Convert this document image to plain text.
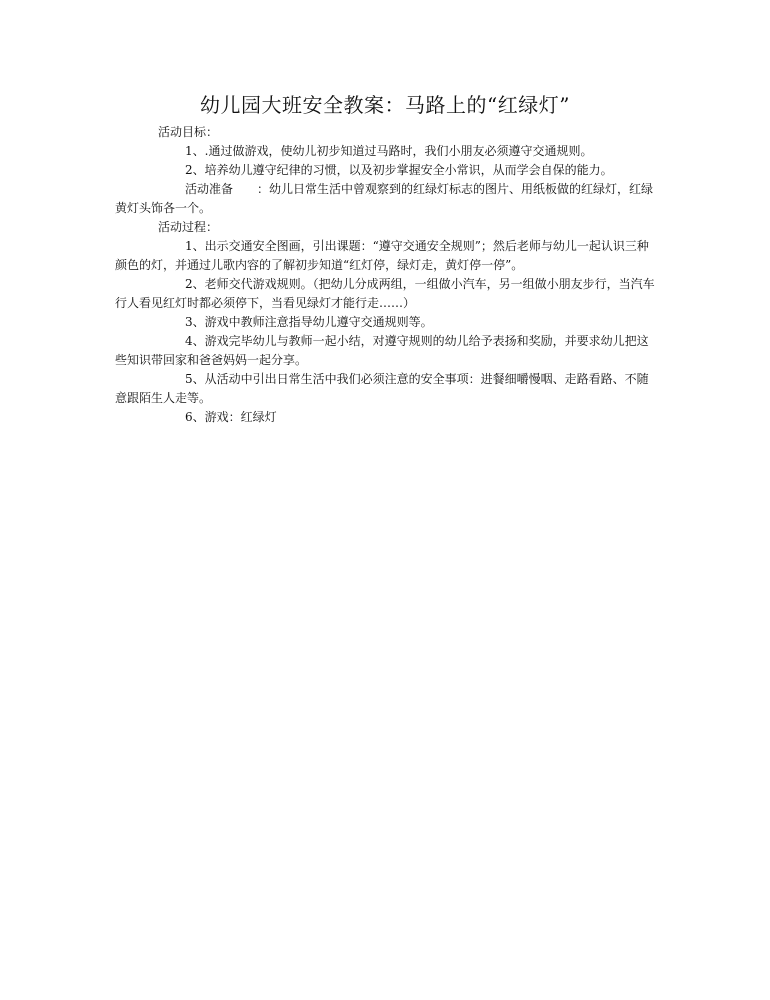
幼儿园大班安全教案：马路上的“红绿灯”

活动目标：

1、.通过做游戏，使幼儿初步知道过马路时，我们小朋友必须遵守交通规则。

2、培养幼儿遵守纪律的习惯，以及初步掌握安全小常识，从而学会自保的能力。

活动准备 ：幼儿日常生活中曾观察到的红绿灯标志的图片、用纸板做的红绿灯，红绿黄灯头饰各一个。

活动过程：

1、出示交通安全图画，引出课题：“遵守交通安全规则”；然后老师与幼儿一起认识三种颜色的灯，并通过儿歌内容的了解初步知道“红灯停，绿灯走，黄灯停一停”。

2、老师交代游戏规则。（把幼儿分成两组，一组做小汽车，另一组做小朋友步行，当汽车行人看见红灯时都必须停下，当看见绿灯才能行走……）

3、游戏中教师注意指导幼儿遵守交通规则等。

4、游戏完毕幼儿与教师一起小结，对遵守规则的幼儿给予表扬和奖励，并要求幼儿把这些知识带回家和爸爸妈妈一起分享。

5、从活动中引出日常生活中我们必须注意的安全事项：进餐细嚼慢咽、走路看路、不随意跟陌生人走等。

6、游戏：红绿灯
